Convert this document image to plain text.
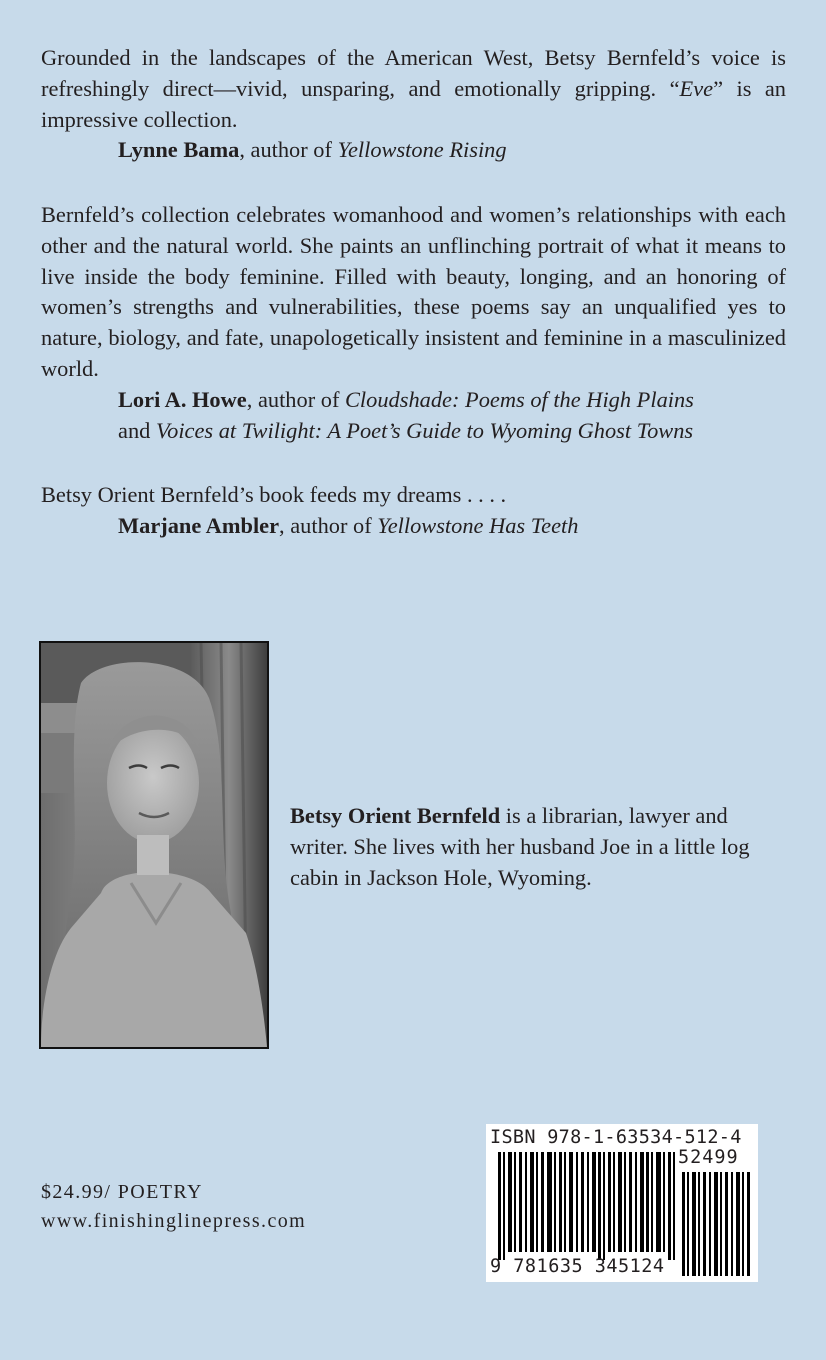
Grounded in the landscapes of the American West, Betsy Bernfeld’s voice is refreshingly direct—vivid, unsparing, and emotionally gripping. “Eve” is an impressive collection.

Lynne Bama, author of Yellowstone Rising

Bernfeld’s collection celebrates womanhood and women’s relationships with each other and the natural world. She paints an unflinching portrait of what it means to live inside the body feminine. Filled with beauty, longing, and an honoring of women’s strengths and vulnerabilities, these poems say an unqualified yes to nature, biology, and fate, unapologetically insistent and feminine in a masculinized world.

Lori A. Howe, author of Cloudshade: Poems of the High Plains
and Voices at Twilight: A Poet’s Guide to Wyoming Ghost Towns

Betsy Orient Bernfeld’s book feeds my dreams . . . .

Marjane Ambler, author of Yellowstone Has Teeth

Betsy Orient Bernfeld is a librarian, lawyer and writer. She lives with her husband Joe in a little log cabin in Jackson Hole, Wyoming.
$24.99/ POETRY
www.finishinglinepress.com
ISBN 978-1-63534-512-4
52499
9 781635 345124
